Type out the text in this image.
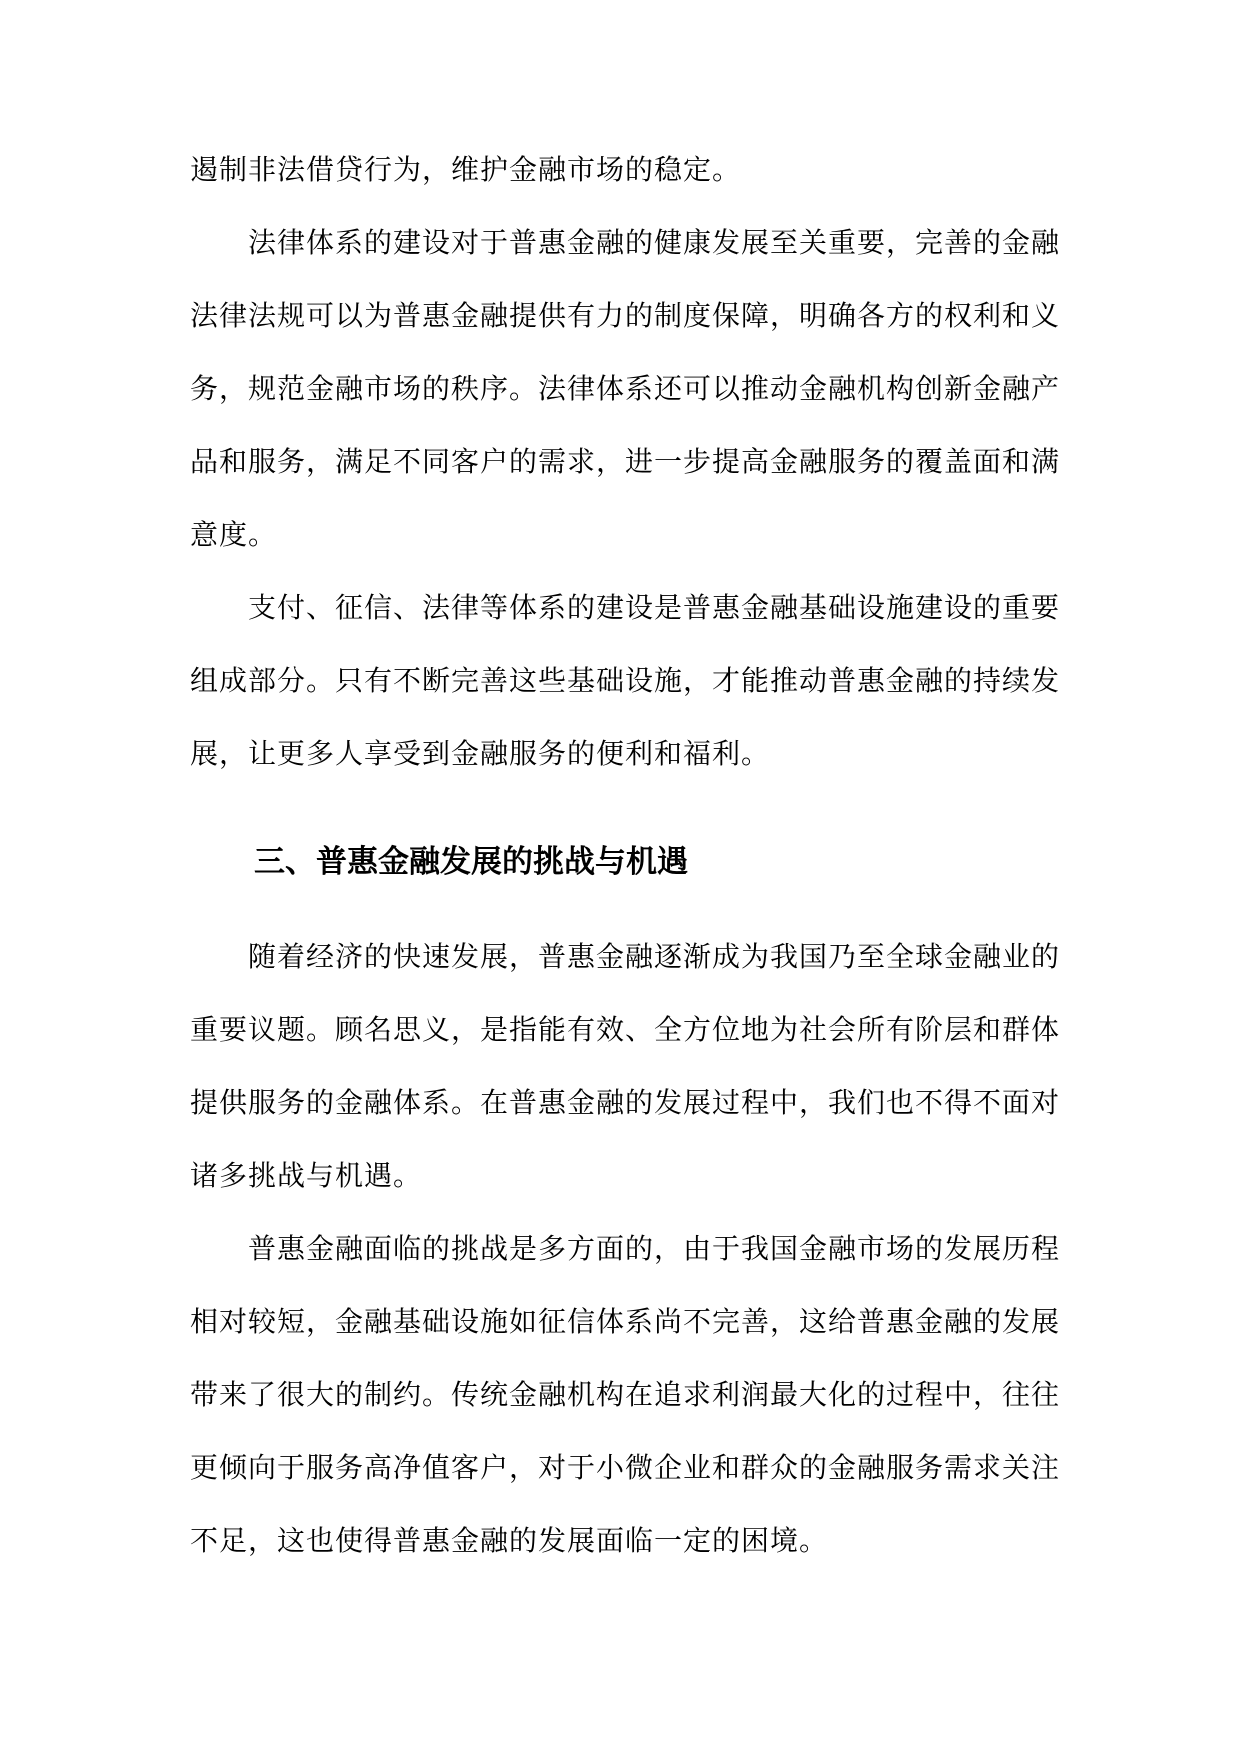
遏制非法借贷行为，维护金融市场的稳定。
法律体系的建设对于普惠金融的健康发展至关重要，完善的金融
法律法规可以为普惠金融提供有力的制度保障，明确各方的权利和义
务，规范金融市场的秩序。法律体系还可以推动金融机构创新金融产
品和服务，满足不同客户的需求，进一步提高金融服务的覆盖面和满
意度。
支付、征信、法律等体系的建设是普惠金融基础设施建设的重要
组成部分。只有不断完善这些基础设施，才能推动普惠金融的持续发
展，让更多人享受到金融服务的便利和福利。
三、普惠金融发展的挑战与机遇
随着经济的快速发展，普惠金融逐渐成为我国乃至全球金融业的
重要议题。顾名思义，是指能有效、全方位地为社会所有阶层和群体
提供服务的金融体系。在普惠金融的发展过程中，我们也不得不面对
诸多挑战与机遇。
普惠金融面临的挑战是多方面的，由于我国金融市场的发展历程
相对较短，金融基础设施如征信体系尚不完善，这给普惠金融的发展
带来了很大的制约。传统金融机构在追求利润最大化的过程中，往往
更倾向于服务高净值客户，对于小微企业和群众的金融服务需求关注
不足，这也使得普惠金融的发展面临一定的困境。
